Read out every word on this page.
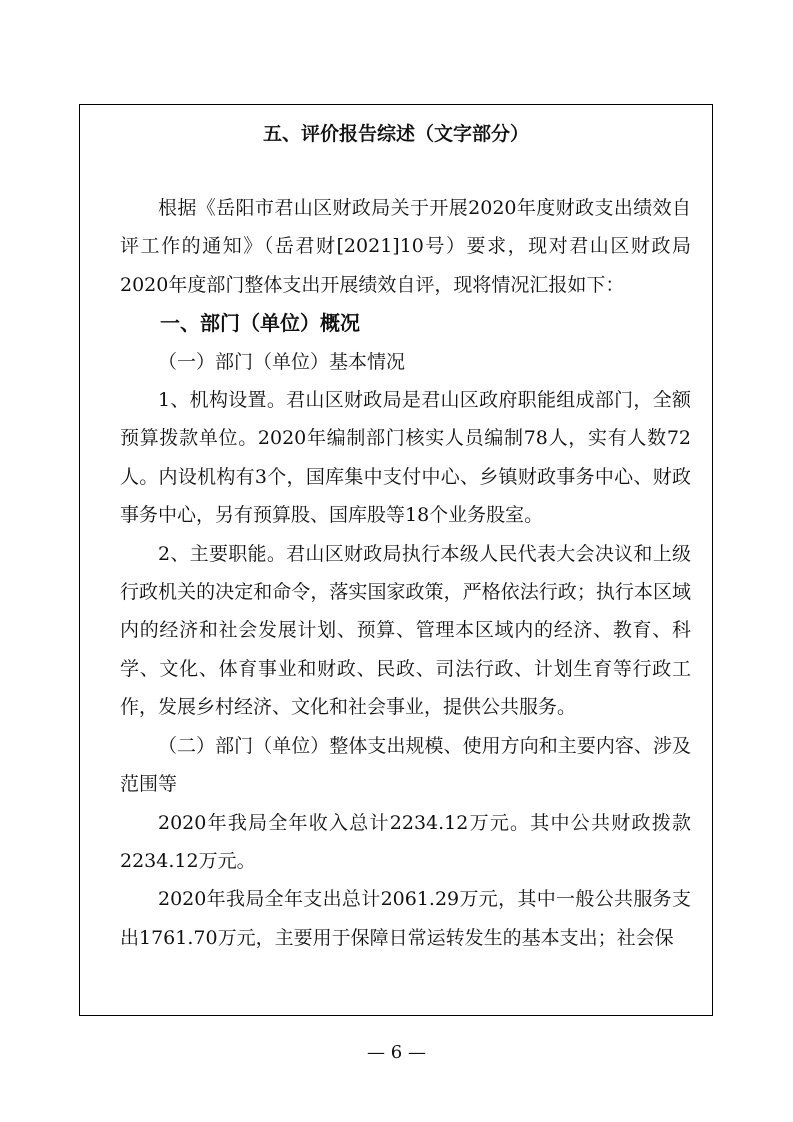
五、评价报告综述（文字部分）

根据《岳阳市君山区财政局关于开展2020年度财政支出绩效自评工作的通知》（岳君财[2021]10号）要求，现对君山区财政局2020年度部门整体支出开展绩效自评，现将情况汇报如下：

一、部门（单位）概况

（一）部门（单位）基本情况

1、机构设置。君山区财政局是君山区政府职能组成部门，全额预算拨款单位。2020年编制部门核实人员编制78人，实有人数72人。内设机构有3个，国库集中支付中心、乡镇财政事务中心、财政事务中心，另有预算股、国库股等18个业务股室。

2、主要职能。君山区财政局执行本级人民代表大会决议和上级行政机关的决定和命令，落实国家政策，严格依法行政；执行本区域内的经济和社会发展计划、预算、管理本区域内的经济、教育、科学、文化、体育事业和财政、民政、司法行政、计划生育等行政工作，发展乡村经济、文化和社会事业，提供公共服务。

（二）部门（单位）整体支出规模、使用方向和主要内容、涉及范围等

2020年我局全年收入总计2234.12万元。其中公共财政拨款2234.12万元。

2020年我局全年支出总计2061.29万元，其中一般公共服务支出1761.70万元，主要用于保障日常运转发生的基本支出；社会保

— 6 —
